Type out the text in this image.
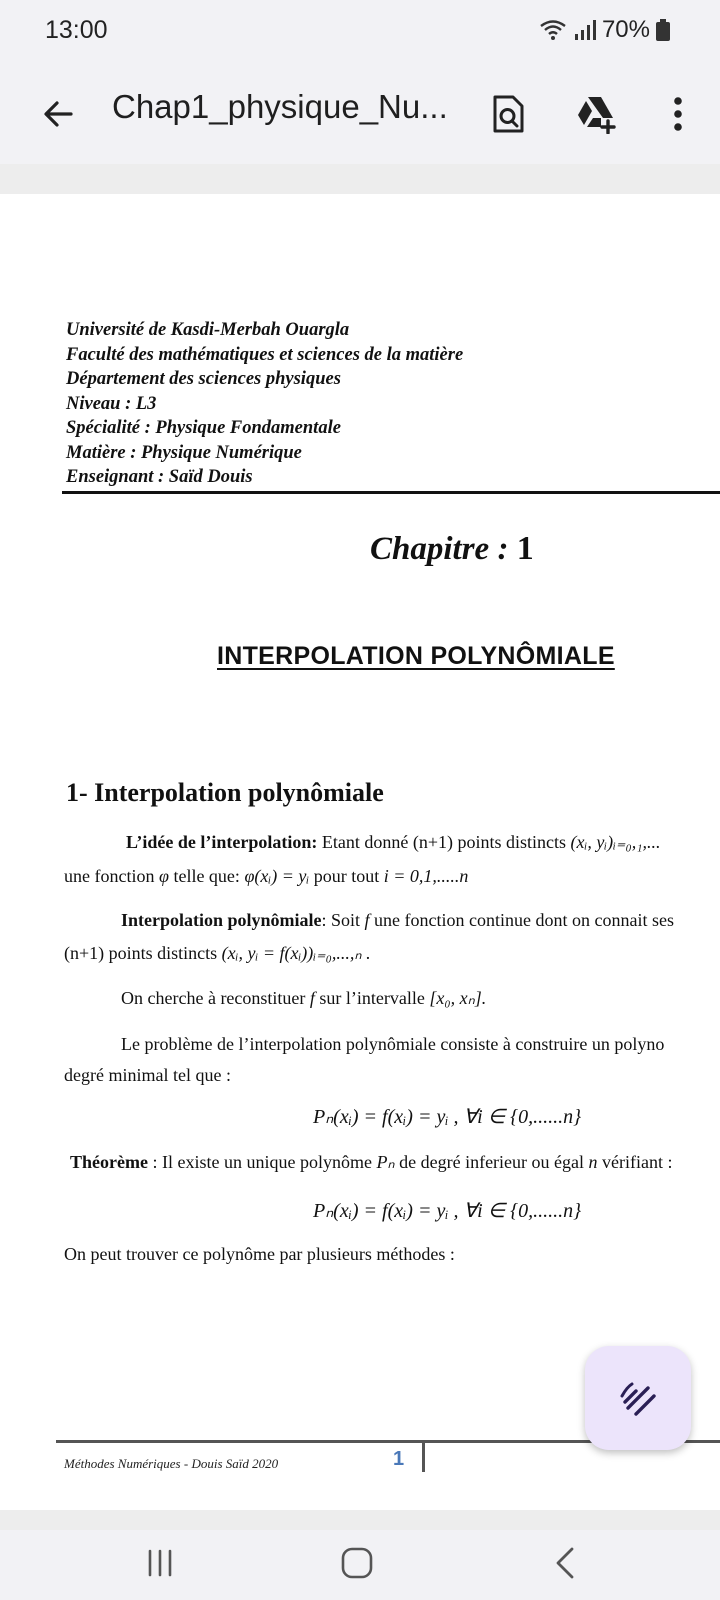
13:00	70%
Chap1_physique_Nu...
Université de Kasdi-Merbah Ouargla
Faculté des mathématiques et sciences de la matière
Département des sciences physiques
Niveau : L3
Spécialité : Physique Fondamentale
Matière : Physique Numérique
Enseignant : Saïd Douis
Chapitre : 1
INTERPOLATION POLYNÔMIALE
1- Interpolation polynômiale
L’idée de l’interpolation: Etant donné (n+1) points distincts (xᵢ, yᵢ)ᵢ₌₀,₁,...
une fonction φ telle que: φ(xᵢ) = yᵢ pour tout i = 0,1,.....n
Interpolation polynômiale: Soit f une fonction continue dont on connait ses
(n+1) points distincts (xᵢ, yᵢ = f(xᵢ))ᵢ₌₀,...,ₙ .
On cherche à reconstituer f sur l’intervalle [x₀, xₙ].
Le problème de l’interpolation polynômiale consiste à construire un polyno
degré minimal tel que :
Pₙ(xᵢ) = f(xᵢ) = yᵢ , ∀i ∈ {0,......n}
Théorème : Il existe un unique polynôme Pₙ de degré inferieur ou égal n vérifiant :
Pₙ(xᵢ) = f(xᵢ) = yᵢ , ∀i ∈ {0,......n}
On peut trouver ce polynôme par plusieurs méthodes :
Méthodes Numériques - Douis Saïd 2020	1
